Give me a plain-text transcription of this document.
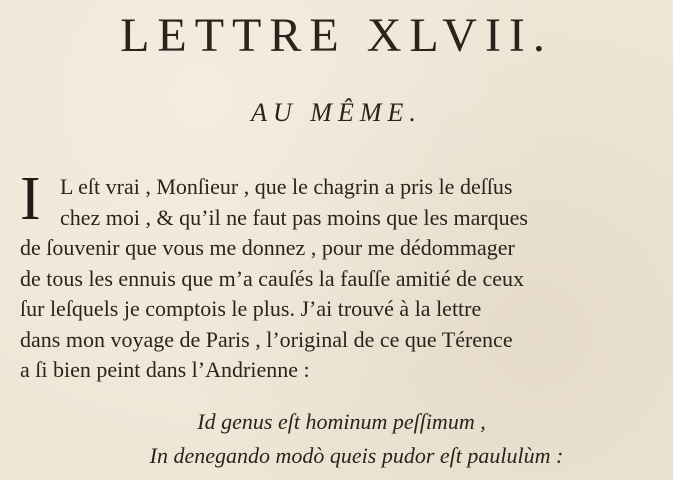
LETTRE XLVII.
AU MÊME.
I L eſt vrai , Monſieur , que le chagrin a pris le deſſus
chez moi , & qu’il ne faut pas moins que les marques
de ſouvenir que vous me donnez , pour me dédommager
de tous les ennuis que m’a cauſés la fauſſe amitié de ceux
ſur leſquels je comptois le plus. J’ai trouvé à la lettre
dans mon voyage de Paris , l’original de ce que Térence
a ſi bien peint dans l’Andrienne :
Id genus eſt hominum peſſimum ,
In denegando modò queis pudor eſt paululùm :
